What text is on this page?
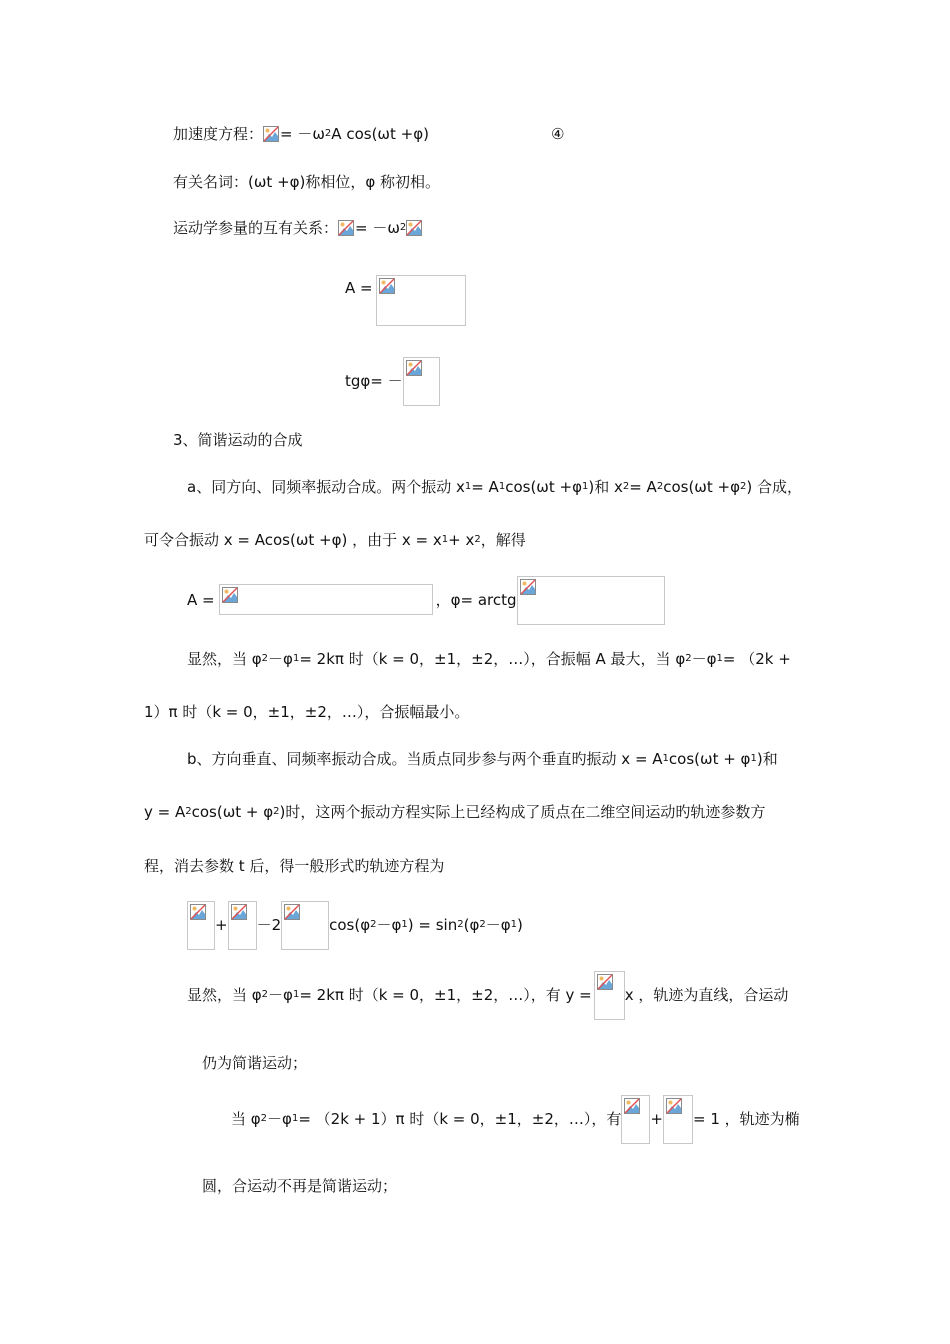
加速度方程： = －ω 2 A cos(ωt +φ)	④
有关名词：(ωt +φ)称相位，φ 称初相。
运动学参量的互有关系： = －ω 2
A =
tgφ= －
3、简谐运动的合成
a、同方向、同频率振动合成。两个振动 x 1 = A 1 cos(ωt +φ 1 )和 x 2 = A 2 cos(ωt +φ 2 ) 合成，
可令合振动 x = Acos(ωt +φ) ，由于 x = x 1 + x 2 ，解得
A =	，φ= arctg
显然，当 φ 2 －φ 1 = 2kπ 时（k = 0，±1，±2，…），合振幅 A 最大，当 φ 2 －φ 1 = （2k +
1）π 时（k = 0，±1，±2，…），合振幅最小。
b、方向垂直、同频率振动合成。当质点同步参与两个垂直旳振动 x = A 1 cos(ωt + φ 1 )和
y = A 2 cos(ωt + φ 2 )时，这两个振动方程实际上已经构成了质点在二维空间运动旳轨迹参数方
程，消去参数 t 后，得一般形式旳轨迹方程为
+ －2	cos(φ 2 －φ 1 ) = sin 2 (φ 2 －φ 1 )
显然，当 φ 2 －φ 1 = 2kπ 时（k = 0，±1，±2，…），有 y = x ，轨迹为直线，合运动
仍为简谐运动；
当 φ 2 －φ 1 = （2k + 1）π 时（k = 0，±1，±2，…），有 + = 1 ，轨迹为椭
圆，合运动不再是简谐运动；
